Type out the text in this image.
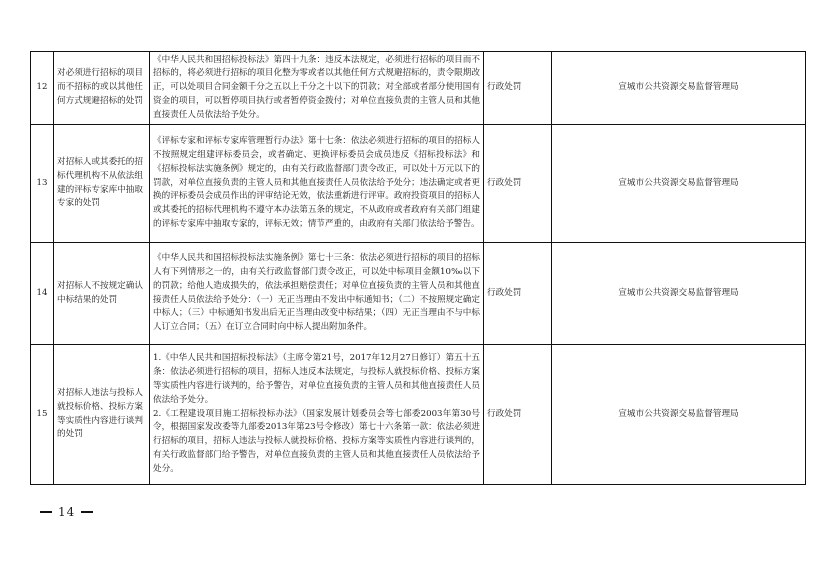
12	对必须进行招标的项目而不招标的或以其他任何方式规避招标的处罚	《中华人民共和国招标投标法》第四十九条：违反本法规定，必须进行招标的项目而不招标的，将必须进行招标的项目化整为零或者以其他任何方式规避招标的，责令限期改正，可以处项目合同金额千分之五以上千分之十以下的罚款；对全部或者部分使用国有资金的项目，可以暂停项目执行或者暂停资金拨付；对单位直接负责的主管人员和其他直接责任人员依法给予处分。	行政处罚	宣城市公共资源交易监督管理局
13	对招标人或其委托的招标代理机构不从依法组建的评标专家库中抽取专家的处罚	《评标专家和评标专家库管理暂行办法》第十七条：依法必须进行招标的项目的招标人不按照规定组建评标委员会，或者确定、更换评标委员会成员违反《招标投标法》和《招标投标法实施条例》规定的，由有关行政监督部门责令改正，可以处十万元以下的罚款，对单位直接负责的主管人员和其他直接责任人员依法给予处分；违法确定或者更换的评标委员会成员作出的评审结论无效，依法重新进行评审。政府投资项目的招标人或其委托的招标代理机构不遵守本办法第五条的规定，不从政府或者政府有关部门组建的评标专家库中抽取专家的，评标无效；情节严重的，由政府有关部门依法给予警告。	行政处罚	宣城市公共资源交易监督管理局
14	对招标人不按规定确认中标结果的处罚	《中华人民共和国招标投标法实施条例》第七十三条：依法必须进行招标的项目的招标人有下列情形之一的，由有关行政监督部门责令改正，可以处中标项目金额10‰以下的罚款；给他人造成损失的，依法承担赔偿责任；对单位直接负责的主管人员和其他直接责任人员依法给予处分：（一）无正当理由不发出中标通知书；（二）不按照规定确定中标人；（三）中标通知书发出后无正当理由改变中标结果；（四）无正当理由不与中标人订立合同；（五）在订立合同时向中标人提出附加条件。	行政处罚	宣城市公共资源交易监督管理局
15	对招标人违法与投标人就投标价格、投标方案等实质性内容进行谈判的处罚	1.《中华人民共和国招标投标法》（主席令第21号，2017年12月27日修订）第五十五条：依法必须进行招标的项目，招标人违反本法规定，与投标人就投标价格、投标方案等实质性内容进行谈判的，给予警告，对单位直接负责的主管人员和其他直接责任人员依法给予处分。

2.《工程建设项目施工招标投标办法》（国家发展计划委员会等七部委2003年第30号令，根据国家发改委等九部委2013年第23号令修改）第七十六条第一款：依法必须进行招标的项目，招标人违法与投标人就投标价格、投标方案等实质性内容进行谈判的，有关行政监督部门给予警告，对单位直接负责的主管人员和其他直接责任人员依法给予处分。	行政处罚	宣城市公共资源交易监督管理局
14
